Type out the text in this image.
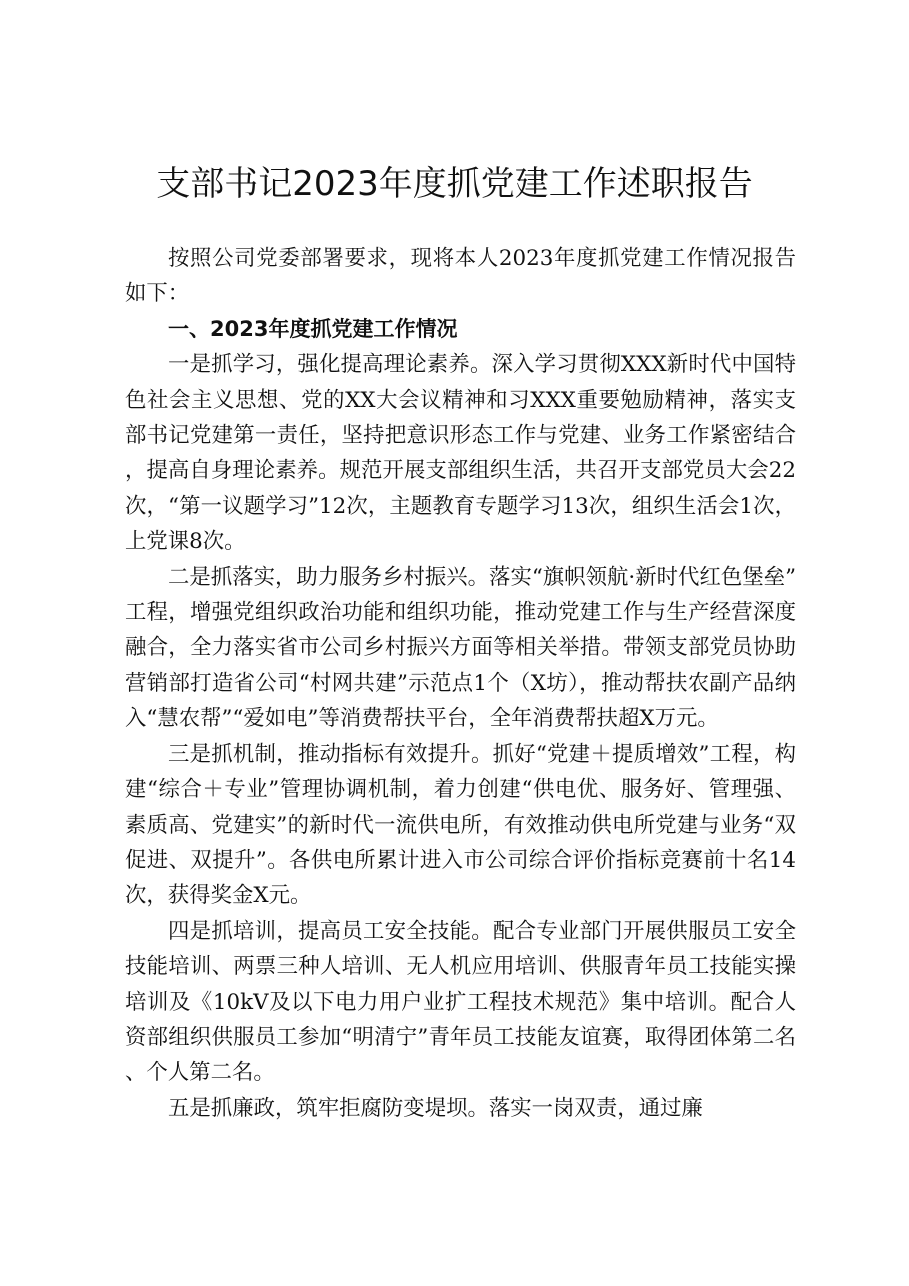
支部书记2023年度抓党建工作述职报告

按照公司党委部署要求，现将本人2023年度抓党建工作情况报告如下：

一、2023年度抓党建工作情况

一是抓学习，强化提高理论素养。深入学习贯彻XXX新时代中国特色社会主义思想、党的XX大会议精神和习XXX重要勉励精神，落实支部书记党建第一责任，坚持把意识形态工作与党建、业务工作紧密结合，提高自身理论素养。规范开展支部组织生活，共召开支部党员大会22次，“第一议题学习”12次，主题教育专题学习13次，组织生活会1次，上党课8次。

二是抓落实，助力服务乡村振兴。落实“旗帜领航·新时代红色堡垒”工程，增强党组织政治功能和组织功能，推动党建工作与生产经营深度融合，全力落实省市公司乡村振兴方面等相关举措。带领支部党员协助营销部打造省公司“村网共建”示范点1个（X坊），推动帮扶农副产品纳入“慧农帮”“爱如电”等消费帮扶平台，全年消费帮扶超X万元。

三是抓机制，推动指标有效提升。抓好“党建＋提质增效”工程，构建“综合＋专业”管理协调机制，着力创建“供电优、服务好、管理强、素质高、党建实”的新时代一流供电所，有效推动供电所党建与业务“双促进、双提升”。各供电所累计进入市公司综合评价指标竞赛前十名14次，获得奖金X元。

四是抓培训，提高员工安全技能。配合专业部门开展供服员工安全技能培训、两票三种人培训、无人机应用培训、供服青年员工技能实操培训及《10kV及以下电力用户业扩工程技术规范》集中培训。配合人资部组织供服员工参加“明清宁”青年员工技能友谊赛，取得团体第二名、个人第二名。

五是抓廉政，筑牢拒腐防变堤坝。落实一岗双责，通过廉
